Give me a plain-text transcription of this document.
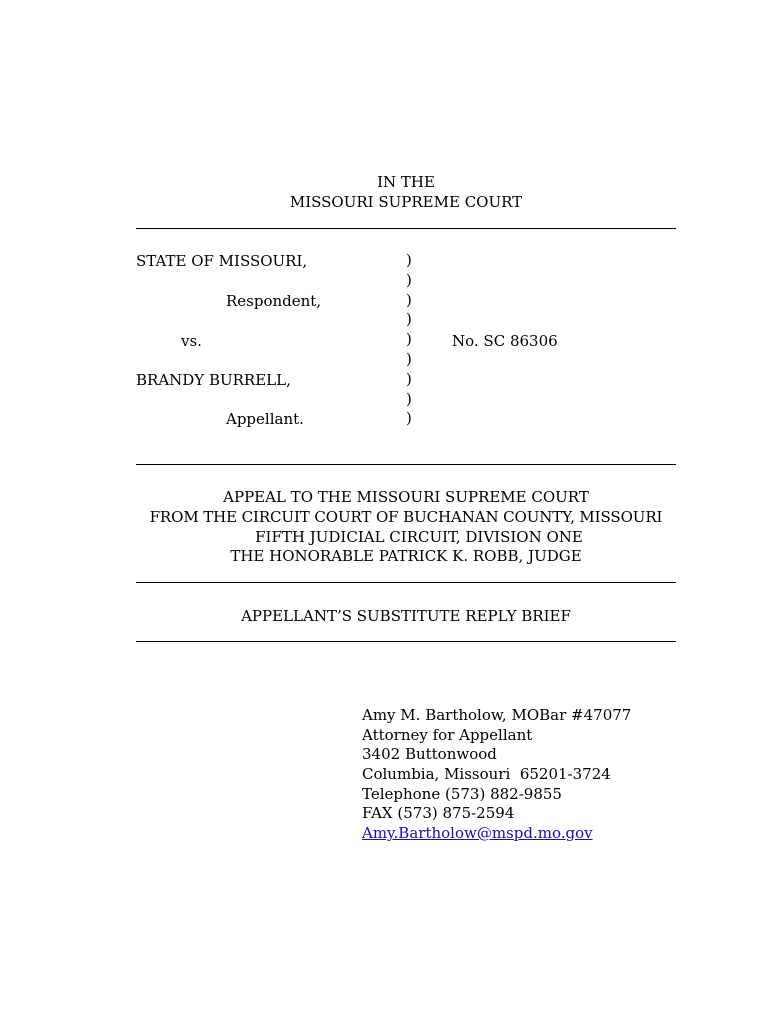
IN THE
MISSOURI SUPREME COURT
STATE OF MISSOURI,
Respondent,
vs.
BRANDY BURRELL,
Appellant.
No. SC 86306
)
)
)
)
)
)
)
)
)
APPEAL TO THE MISSOURI SUPREME COURT
FROM THE CIRCUIT COURT OF BUCHANAN COUNTY, MISSOURI
FIFTH JUDICIAL CIRCUIT, DIVISION ONE
THE HONORABLE PATRICK K. ROBB, JUDGE
APPELLANT’S SUBSTITUTE REPLY BRIEF
Amy M. Bartholow, MOBar #47077
Attorney for Appellant
3402 Buttonwood
Columbia, Missouri  65201-3724
Telephone (573) 882-9855
FAX (573) 875-2594
Amy.Bartholow@mspd.mo.gov
